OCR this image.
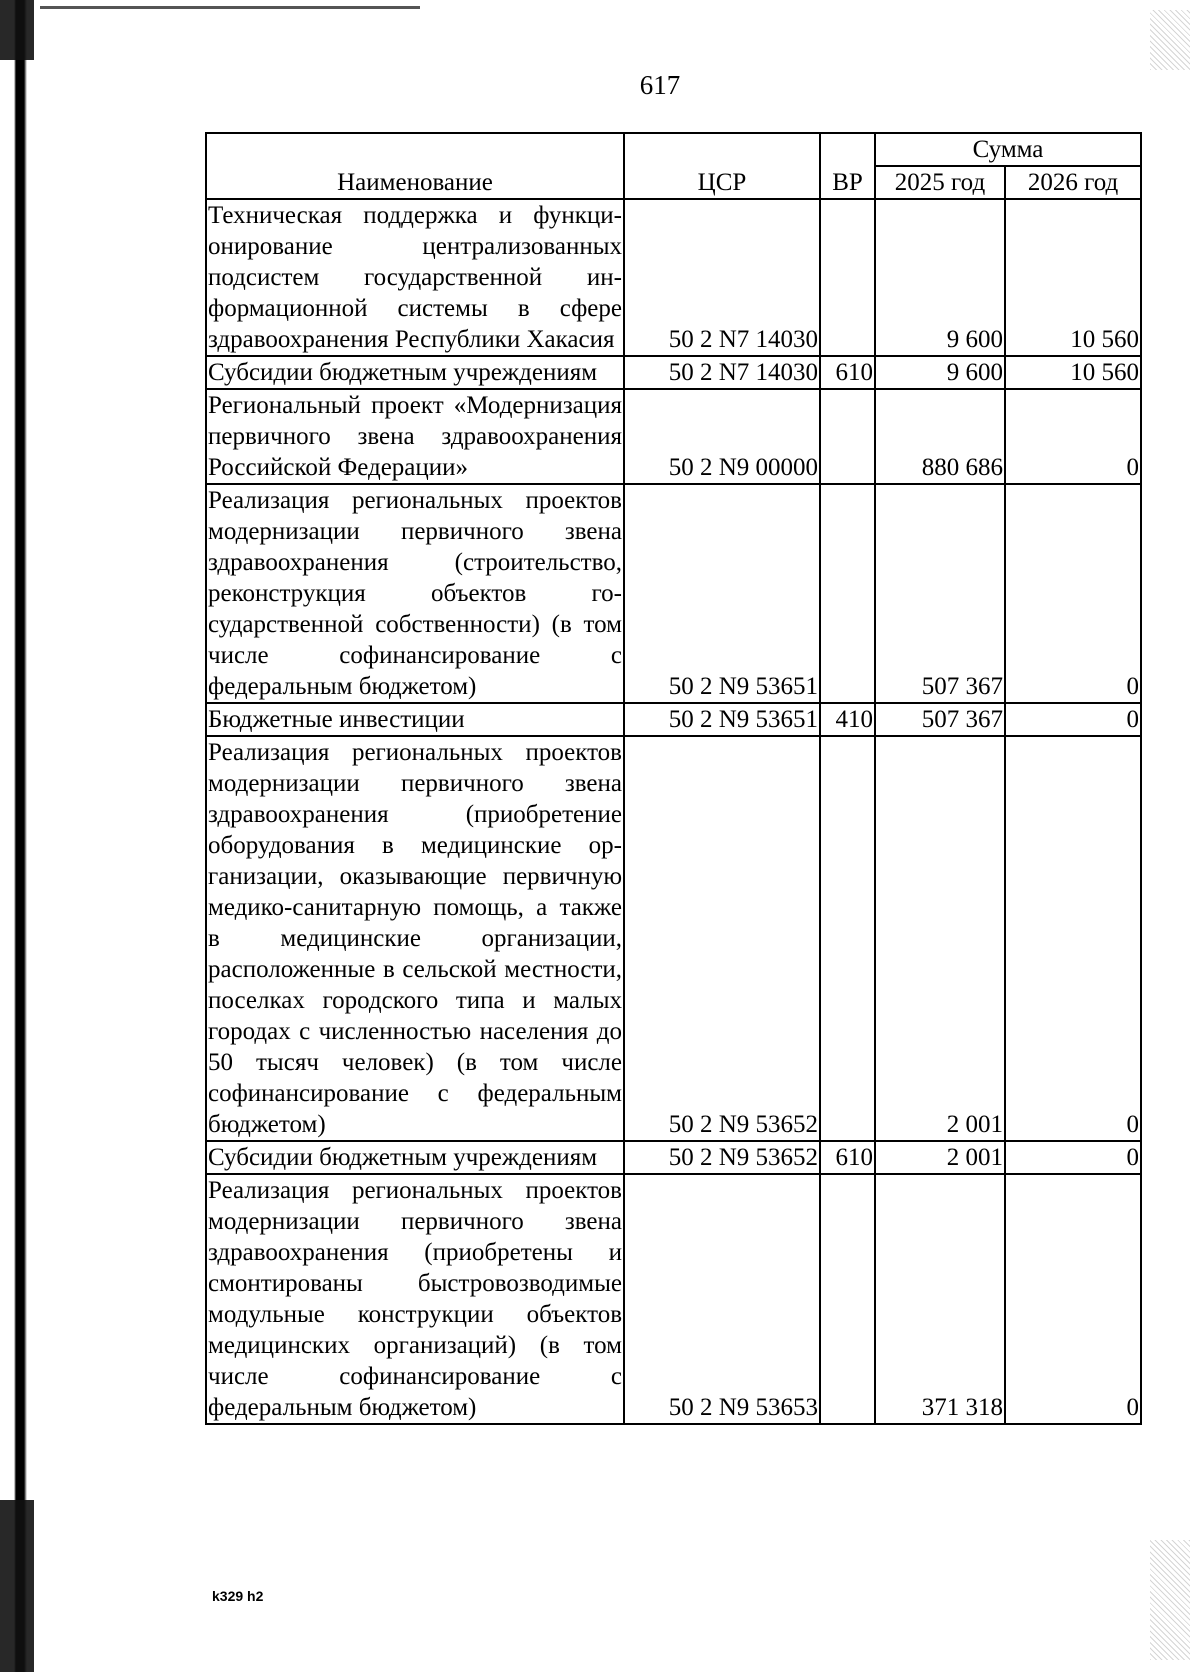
617
Наименование	ЦСР	ВР	Сумма	
			2025 год	2026 год
Техническая поддержка и функционирование централизованных подсистем государственной информационной системы в сфере здравоохранения Республики Хакасия	50 2 N7 14030		9 600	10 560
Субсидии бюджетным учреждениям	50 2 N7 14030	610	9 600	10 560
Региональный проект «Модернизация первичного звена здравоохранения Российской Федерации»	50 2 N9 00000		880 686	0
Реализация региональных проектов модернизации первичного звена здравоохранения (строительство, реконструкция объектов государственной собственности) (в том числе софинансирование с федеральным бюджетом)	50 2 N9 53651		507 367	0
Бюджетные инвестиции	50 2 N9 53651	410	507 367	0
Реализация региональных проектов модернизации первичного звена здравоохранения (приобретение оборудования в медицинские организации, оказывающие первичную медико-санитарную помощь, а также в медицинские организации, расположенные в сельской местности, поселках городского типа и малых городах с численностью населения до 50 тысяч человек) (в том числе софинансирование с федеральным бюджетом)	50 2 N9 53652		2 001	0
Субсидии бюджетным учреждениям	50 2 N9 53652	610	2 001	0
Реализация региональных проектов модернизации первичного звена здравоохранения (приобретены и смонтированы быстровозводимые модульные конструкции объектов медицинских организаций) (в том числе софинансирование с федеральным бюджетом)	50 2 N9 53653		371 318	0
k329 h2
